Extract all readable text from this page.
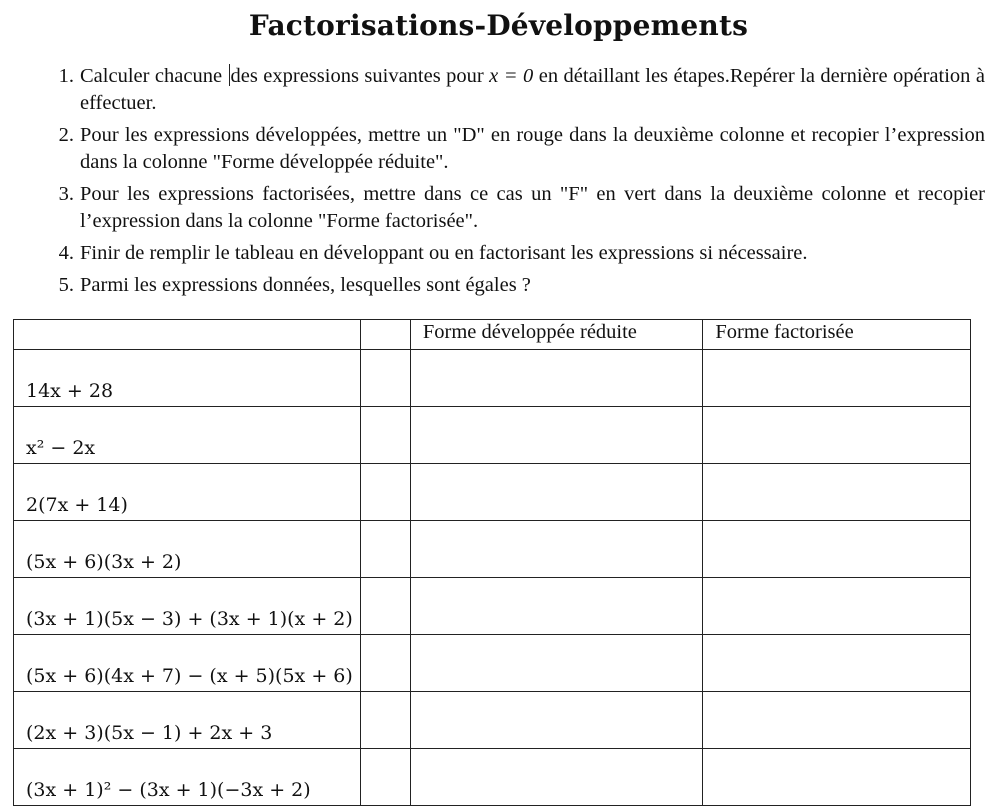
Factorisations-Développements
1. Calculer chacune des expressions suivantes pour x = 0 en détaillant les étapes.Repérer la dernière opération à effectuer.
2. Pour les expressions développées, mettre un "D" en rouge dans la deuxième colonne et recopier l’expression dans la colonne "Forme développée réduite".
3. Pour les expressions factorisées, mettre dans ce cas un "F" en vert dans la deuxième colonne et recopier l’expression dans la colonne "Forme factorisée".
4. Finir de remplir le tableau en développant ou en factorisant les expressions si nécessaire.
5. Parmi les expressions données, lesquelles sont égales ?
		Forme développée réduite	Forme factorisée
14x + 28			
x² − 2x			
2(7x + 14)			
(5x + 6)(3x + 2)			
(3x + 1)(5x − 3) + (3x + 1)(x + 2)			
(5x + 6)(4x + 7) − (x + 5)(5x + 6)			
(2x + 3)(5x − 1) + 2x + 3			
(3x + 1)² − (3x + 1)(−3x + 2)			
